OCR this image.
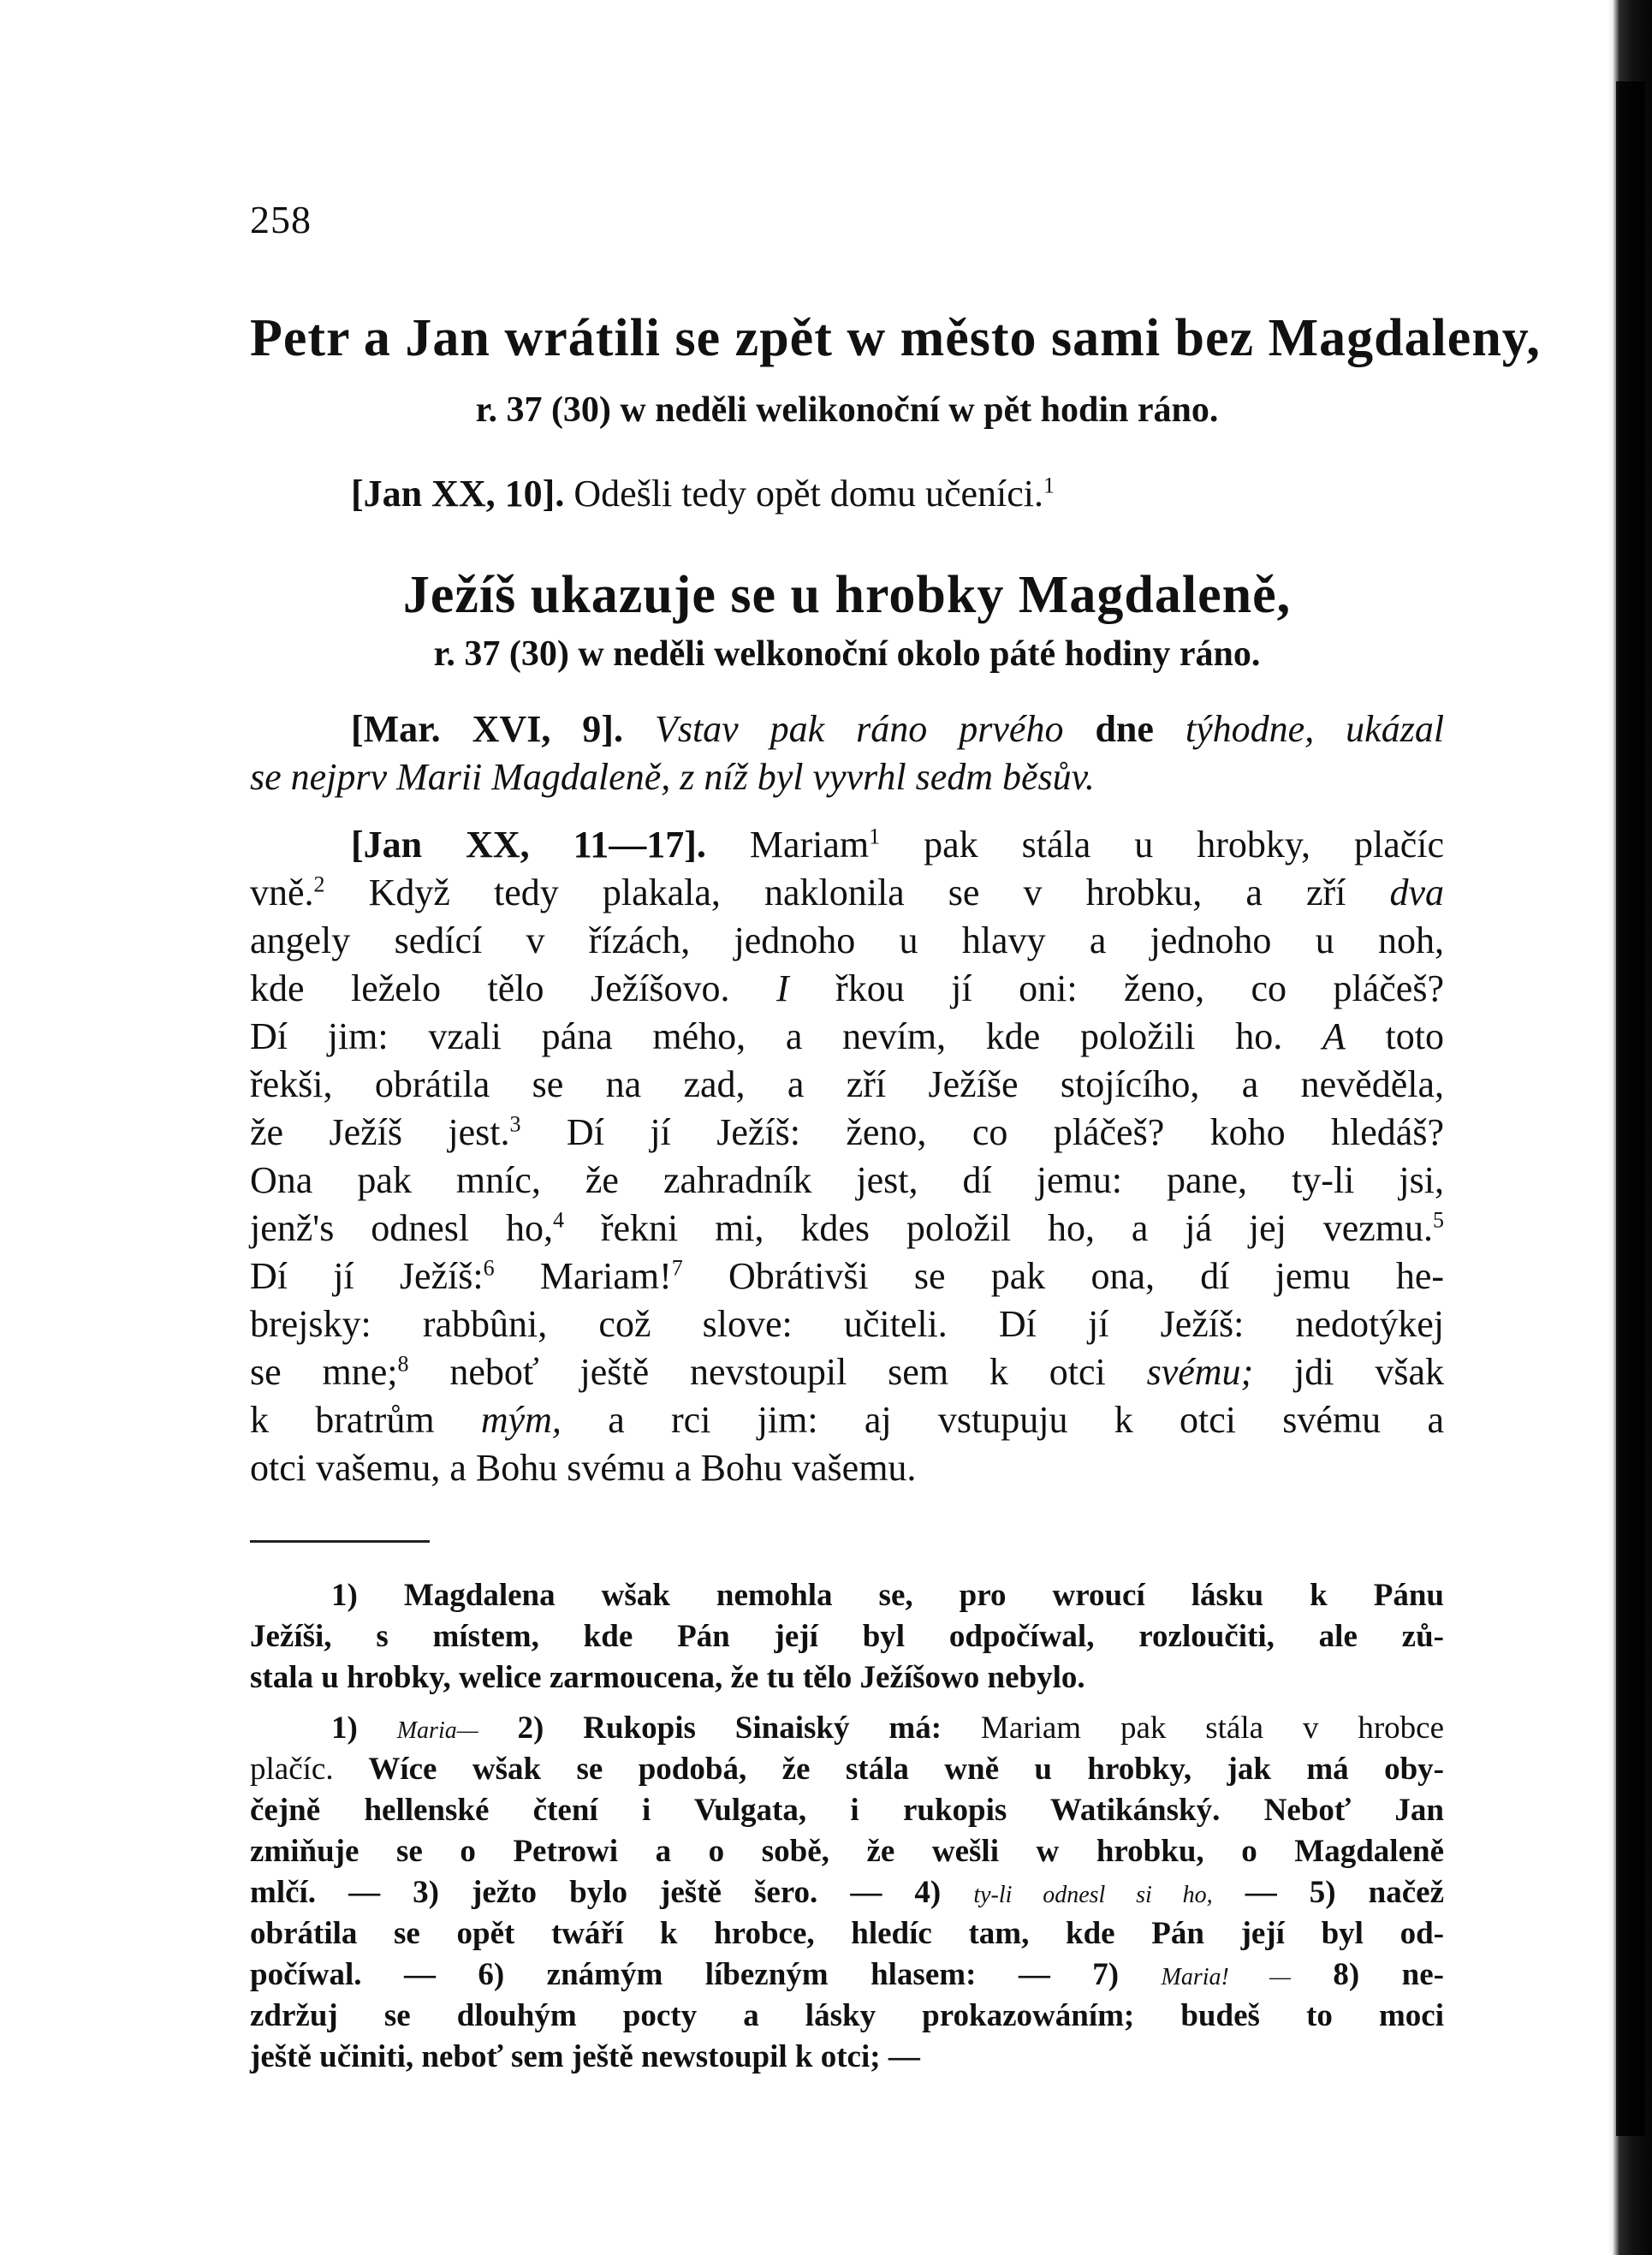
258
Petr a Jan wrátili se zpět w město sami bez Magdaleny,
r. 37 (30) w neděli welikonoční w pět hodin ráno.
[Jan XX, 10]. Odešli tedy opět domu učeníci.$^1$
Ježíš ukazuje se u hrobky Magdaleně,
r. 37 (30) w neděli welkonoční okolo páté hodiny ráno.
[Mar. XVI, 9]. Vstav pak ráno prvého dne týhodne, ukázal
se nejprv Marii Magdaleně, z níž byl vyvrhl sedm běsův.
[Jan XX, 11—17]. Mariam$^1$ pak stála u hrobky, plačíc
vně.$^2$ Když tedy plakala, naklonila se v hrobku, a zří dva
angely sedící v řízách, jednoho u hlavy a jednoho u noh,
kde leželo tělo Ježíšovo. I řkou jí oni: ženo, co pláčeš?
Dí jim: vzali pána mého, a nevím, kde položili ho. A toto
řekši, obrátila se na zad, a zří Ježíše stojícího, a nevěděla,
že Ježíš jest.$^3$ Dí jí Ježíš: ženo, co pláčeš? koho hledáš?
Ona pak mníc, že zahradník jest, dí jemu: pane, ty-li jsi,
jenž's odnesl ho,$^4$ řekni mi, kdes položil ho, a já jej vezmu.$^5$
Dí jí Ježíš:$^6$ Mariam!$^7$ Obrátivši se pak ona, dí jemu he-
brejsky: rabbûni, což slove: učiteli. Dí jí Ježíš: nedotýkej
se mne;$^8$ neboť ještě nevstoupil sem k otci svému; jdi však
k bratrům mým, a rci jim: aj vstupuju k otci svému a
otci vašemu, a Bohu svému a Bohu vašemu.
1) Magdalena wšak nemohla se, pro wroucí lásku k Pánu
Ježíši, s místem, kde Pán její byl odpočíwal, rozloučiti, ale zů-
stala u hrobky, welice zarmoucena, že tu tělo Ježíšowo nebylo.
1) Maria— 2) Rukopis Sinaiský má: Mariam pak stála v hrobce
plačíc. Wíce wšak se podobá, že stála wně u hrobky, jak má oby-
čejně hellenské čtení i Vulgata, i rukopis Watikánský. Neboť Jan
zmiňuje se o Petrowi a o sobě, že wešli w hrobku, o Magdaleně
mlčí. — 3) ježto bylo ještě šero. — 4) ty-li odnesl si ho, — 5) načež
obrátila se opět twáří k hrobce, hledíc tam, kde Pán její byl od-
počíwal. — 6) známým líbezným hlasem: — 7) Maria! — 8) ne-
zdržuj se dlouhým pocty a lásky prokazowáním; budeš to moci
ještě učiniti, neboť sem ještě newstoupil k otci; —
